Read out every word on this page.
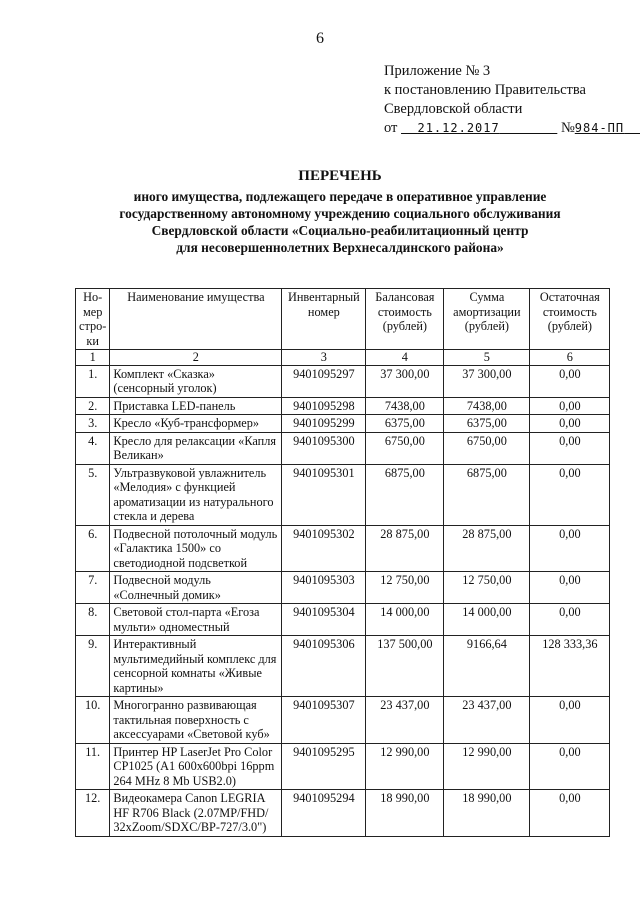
6
Приложение № 3
к постановлению Правительства
Свердловской области
от 21.12.2017	№984-ПП
ПЕРЕЧЕНЬ
иного имущества, подлежащего передаче в оперативное управление
государственному автономному учреждению социального обслуживания
Свердловской области «Социально-реабилитационный центр
для несовершеннолетних Верхнесалдинского района»
Но-мер стро-ки	Наименование имущества	Инвентарный номер	Балансовая стоимость (рублей)	Сумма амортизации (рублей)	Остаточная стоимость (рублей)
1	2	3	4	5	6
1.	Комплект «Сказка» (сенсорный уголок)	9401095297	37 300,00	37 300,00	0,00
2.	Приставка LED-панель	9401095298	7438,00	7438,00	0,00
3.	Кресло «Куб-трансформер»	9401095299	6375,00	6375,00	0,00
4.	Кресло для релаксации «Капля Великан»	9401095300	6750,00	6750,00	0,00
5.	Ультразвуковой увлажнитель «Мелодия» с функцией ароматизации из натурального стекла и дерева	9401095301	6875,00	6875,00	0,00
6.	Подвесной потолочный модуль «Галактика 1500» со светодиодной подсветкой	9401095302	28 875,00	28 875,00	0,00
7.	Подвесной модуль «Солнечный домик»	9401095303	12 750,00	12 750,00	0,00
8.	Световой стол-парта «Егоза мульти» одноместный	9401095304	14 000,00	14 000,00	0,00
9.	Интерактивный мультимедийный комплекс для сенсорной комнаты «Живые картины»	9401095306	137 500,00	9166,64	128 333,36
10.	Многогранно развивающая тактильная поверхность с аксессуарами «Световой куб»	9401095307	23 437,00	23 437,00	0,00
11.	Принтер HP LaserJet Pro Color CP1025 (A1 600x600bpi 16ppm 264 MHz 8 Mb USB2.0)	9401095295	12 990,00	12 990,00	0,00
12.	Видеокамера Canon LEGRIA HF R706 Black (2.07MP/FHD/ 32xZoom/SDXC/BP-727/3.0")	9401095294	18 990,00	18 990,00	0,00
